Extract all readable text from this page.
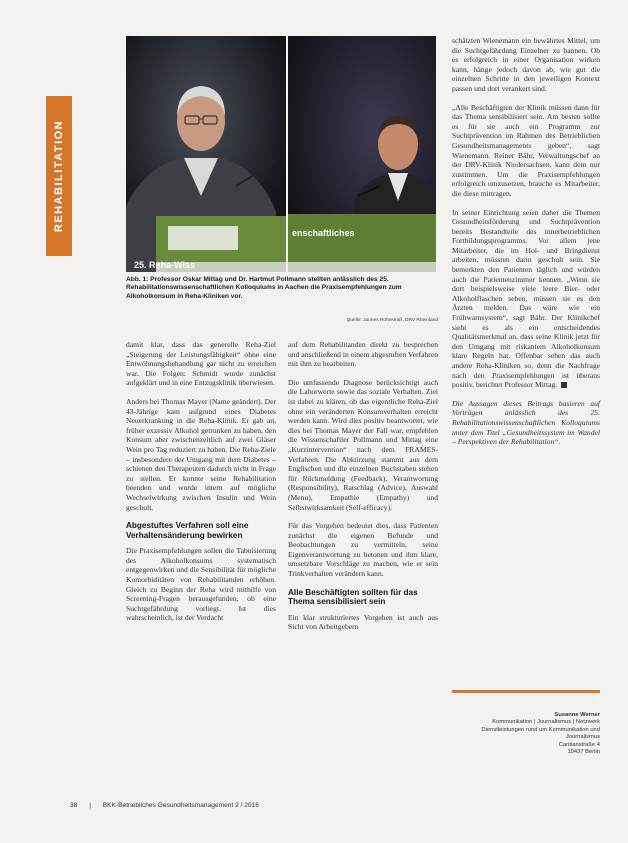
REHABILITATION
25. Reha-Wiss
enschaftliches
Abb. 1: Professor Oskar Mittag und Dr. Hartmut Pollmann stellten anlässlich des 25. Rehabilitationswissenschaftlichen Kolloquiums in Aachen die Praxisempfehlungen zum Alkoholkonsum in Reha-Kliniken vor.
Quelle: Jannes Rohnstraß, DRV Rheinland

damit klar, dass das generelle Reha-Ziel „Steigerung der Leistungsfähigkeit“ ohne eine Entwöhnungsbehandlung gar nicht zu erreichen war. Die Folgen: Schmidt wurde zunächst aufgeklärt und in eine Entzugsklinik überwiesen.

Anders bei Thomas Mayer (Name geändert). Der 43-Jährige kam aufgrund eines Diabetes Neuerkrankung in die Reha-Klinik. Er gab an, früher exzessiv Alkohol getrunken zu haben, den Konsum aber zwischenzeitlich auf zwei Gläser Wein pro Tag reduziert zu haben. Die Reha-Ziele – insbesondere der Umgang mit dem Diabetes – schienen den Therapeuten dadurch nicht in Frage zu stellen. Er konnte seine Rehabilitation beenden und wurde intern auf mögliche Wechselwirkung zwischen Insulin und Wein geschult.

Abgestuftes Verfahren soll eine Verhaltensänderung bewirken

Die Praxisempfehlungen sollen die Tabuisierung des Alkoholkonsums systematisch entgegenwirken und die Sensibilität für mögliche Komorbiditäten von Rehabilitanden erhöhen. Gleich zu Beginn der Reha wird mithilfe von Screening-Fragen herausgefunden, ob eine Suchtgefährdung vorliegt. Ist dies wahrscheinlich, ist der Verdacht

auf dem Rehabilitanden direkt zu besprechen und anschließend in einem abgestuften Verfahren mit ihm zu bearbeiten.

Die umfassende Diagnose berücksichtigt auch die Laborwerte sowie das soziale Verhalten. Ziel ist dabei zu klären, ob das eigentliche Reha-Ziel ohne ein veränderten Konsumverhalten erreicht werden kann. Wird dies positiv beantwortet, wie dies bei Thomas Mayer der Fall war, empfehlen die Wissenschaftler Pollmann und Mittag eine „Kurzintervention“ nach dem FRAMES-Verfahren. Die Abkürzung stammt aus dem Englischen und die einzelnen Buchstaben stehen für Rückmeldung (Feedback), Verantwortung (Responsibility), Ratschlag (Advice), Auswahl (Menu), Empathie (Empathy) und Selbstwirksamkeit (Self-efficacy).

Für das Vorgehen bedeutet dies, dass Patienten zunächst die eigenen Befunde und Beobachtungen zu vermitteln, seine Eigenverantwortung zu betonen und ihm klare, umsetzbare Vorschläge zu machen, wie er sein Trinkverhalten verändern kann.

Alle Beschäftigten sollten für das Thema sensibilisiert sein

Ein klar strukturiertes Vorgehen ist auch aus Sicht von Arbeitgebern

schätzten Wienemann ein bewährtes Mittel, um die Suchtgefährdung Einzelner zu bannen. Ob es erfolgreich in einer Organisation wirken kann, hänge jedoch davon ab, wie gut die einzelnen Schritte in den jeweiligen Kontext passen und dort verankert sind.

„Alle Beschäftigten der Klinik müssen dann für das Thema sensibilisiert sein. Am besten sollte es für sie auch ein Programm zur Suchtprävention im Rahmen des Betrieblichen Gesundheitsmanagements geben“, sagt Wienemann. Reiner Bähr, Verwaltungschef an der DRV-Klinik Niedersachsen, kann dem nur zustimmen. Um die Praxisempfehlungen erfolgreich umzusetzen, brauche es Mitarbeiter, die diese mittragen.

In seiner Einrichtung seien daher die Themen Gesundheitsförderung und Suchtprävention bereits Bestandteile des innerbetrieblichen Fortbildungsprogramms. Vor allem jene Mitarbeiter, die im Hol- und Bringdienst arbeiten, müssten darin geschult sein. Sie bemerkten den Patienten täglich und würden auch die Patientenzimmer kennen. „Wenn sie dort beispielsweise viele leere Bier- oder Alkoholflaschen sehen, müssen sie es den Ärzten melden. Das wäre wie ein Frühwarnsystem“, sagt Bähr. Der Klinikchef sieht es als ein entscheidendes Qualitätsmerkmal an, dass seine Klinik jetzt für den Umgang mit riskantem Alkoholkonsum klare Regeln hat. Offenbar sehen das auch andere Reha-Kliniken so, denn die Nachfrage nach den Praxisempfehlungen ist überaus positiv, berichtet Professor Mittag.

Die Aussagen dieses Beitrags basieren auf Vorträgen anlässlich des 25. Rehabilitationswissenschaftlichen Kolloquiums unter dem Titel „Gesundheitssystem im Wandel – Perspektiven der Rehabilitation“.

Susanne Werner
Kommunikation | Journalismus | Netzwerk
Dienstleistungen rund um Kommunikation und Journalismus
Cantianstraße 4
10437 Berlin
38 | BKK-Betriebliches Gesundheitsmanagement 2 / 2016
